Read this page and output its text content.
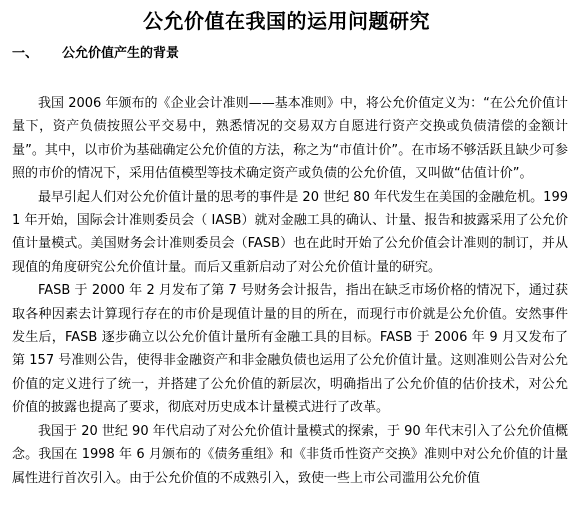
公允价值在我国的运用问题研究
一、 公允价值产生的背景

我国 2006 年颁布的《企业会计准则——基本准则》中，将公允价值定义为：“在公允价值计量下，资产负债按照公平交易中，熟悉情况的交易双方自愿进行资产交换或负债清偿的金额计量”。其中，以市价为基础确定公允价值的方法，称之为“市值计价”。在市场不够活跃且缺少可参照的市价的情况下，采用估值模型等技术确定资产或负债的公允价值，又叫做“估值计价”。

最早引起人们对公允价值计量的思考的事件是 20 世纪 80 年代发生在美国的金融危机。1991 年开始，国际会计准则委员会（ IASB）就对金融工具的确认、计量、报告和披露采用了公允价值计量模式。美国财务会计准则委员会（FASB）也在此时开始了公允价值会计准则的制订，并从现值的角度研究公允价值计量。而后又重新启动了对公允价值计量的研究。

FASB 于 2000 年 2 月发布了第 7 号财务会计报告，指出在缺乏市场价格的情况下，通过获取各种因素去计算现行存在的市价是现值计量的目的所在，而现行市价就是公允价值。安然事件发生后，FASB 逐步确立以公允价值计量所有金融工具的目标。FASB 于 2006 年 9 月又发布了第 157 号准则公告，使得非金融资产和非金融负债也运用了公允价值计量。这则准则公告对公允价值的定义进行了统一，并搭建了公允价值的新层次，明确指出了公允价值的估价技术，对公允价值的披露也提高了要求，彻底对历史成本计量模式进行了改革。

我国于 20 世纪 90 年代启动了对公允价值计量模式的探索，于 90 年代末引入了公允价值概念。我国在 1998 年 6 月颁布的《债务重组》和《非货币性资产交换》准则中对公允价值的计量属性进行首次引入。由于公允价值的不成熟引入，致使一些上市公司滥用公允价值
